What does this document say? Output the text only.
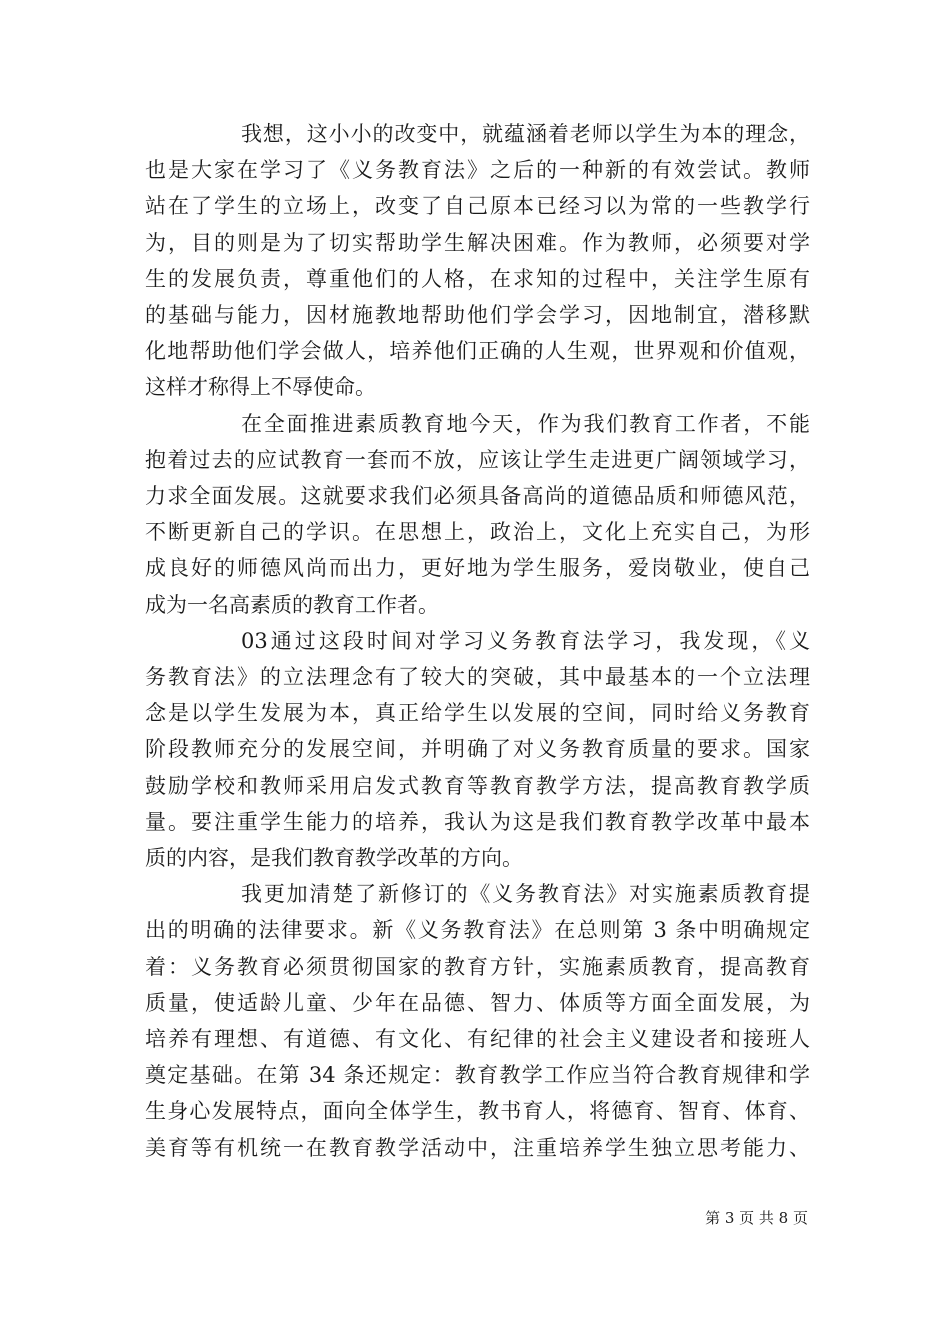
我想，这小小的改变中，就蕴涵着老师以学生为本的理念，
也是大家在学习了《义务教育法》之后的一种新的有效尝试。教师
站在了学生的立场上，改变了自己原本已经习以为常的一些教学行
为，目的则是为了切实帮助学生解决困难。作为教师，必须要对学
生的发展负责，尊重他们的人格，在求知的过程中，关注学生原有
的基础与能力，因材施教地帮助他们学会学习，因地制宜，潜移默
化地帮助他们学会做人，培养他们正确的人生观，世界观和价值观，
这样才称得上不辱使命。

在全面推进素质教育地今天，作为我们教育工作者，不能
抱着过去的应试教育一套而不放，应该让学生走进更广阔领域学习，
力求全面发展。这就要求我们必须具备高尚的道德品质和师德风范，
不断更新自己的学识。在思想上，政治上，文化上充实自己，为形
成良好的师德风尚而出力，更好地为学生服务，爱岗敬业，使自己
成为一名高素质的教育工作者。

03通过这段时间对学习义务教育法学习，我发现，《义
务教育法》的立法理念有了较大的突破，其中最基本的一个立法理
念是以学生发展为本，真正给学生以发展的空间，同时给义务教育
阶段教师充分的发展空间，并明确了对义务教育质量的要求。国家
鼓励学校和教师采用启发式教育等教育教学方法，提高教育教学质
量。要注重学生能力的培养，我认为这是我们教育教学改革中最本
质的内容，是我们教育教学改革的方向。

我更加清楚了新修订的《义务教育法》对实施素质教育提
出的明确的法律要求。新《义务教育法》在总则第 3 条中明确规定
着：义务教育必须贯彻国家的教育方针，实施素质教育，提高教育
质量，使适龄儿童、少年在品德、智力、体质等方面全面发展，为
培养有理想、有道德、有文化、有纪律的社会主义建设者和接班人
奠定基础。在第 34 条还规定：教育教学工作应当符合教育规律和学
生身心发展特点，面向全体学生，教书育人，将德育、智育、体育、
美育等有机统一在教育教学活动中，注重培养学生独立思考能力、

第 3 页 共 8 页
